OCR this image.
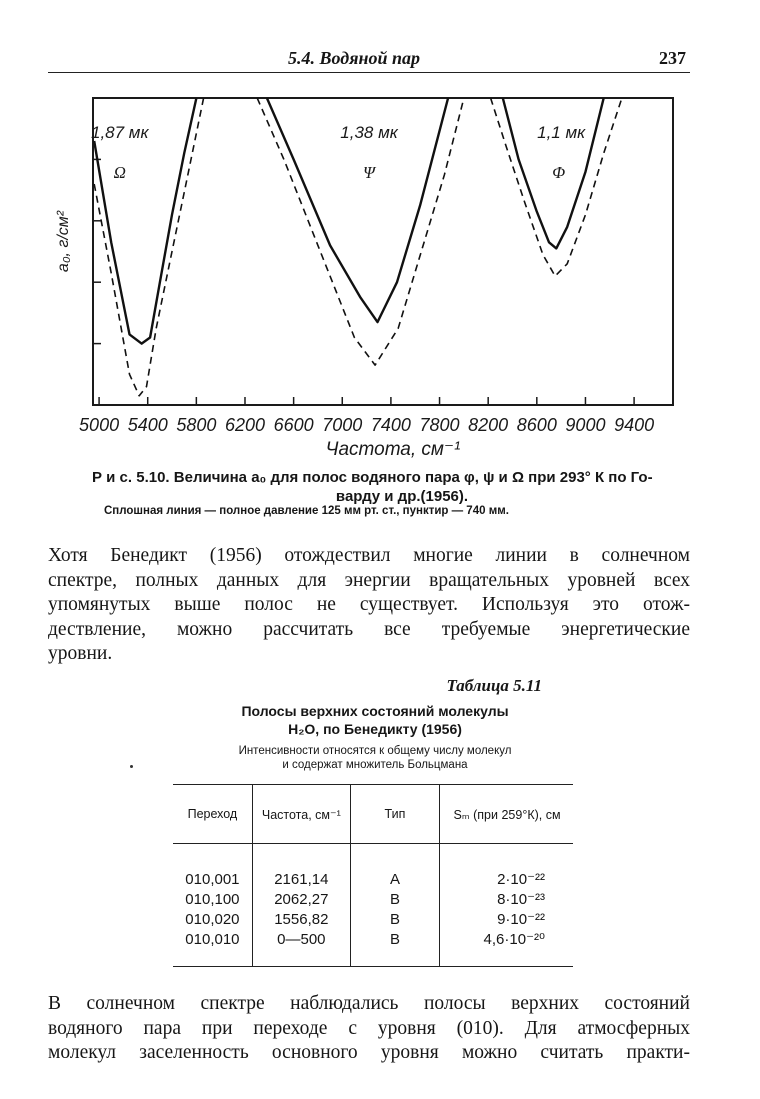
5.4. Водяной пар	237
5000 5400 5800 6200 6600 7000 7400 7800 8200 8600 9000 9400
Частота, см⁻¹
a₀, г/см²
1,87 мк
Ω
1,38 мк
Ψ
1,1 мк
Φ
Р и с. 5.10. Величина a₀ для полос водяного пара φ, ψ и Ω при 293° К по Го-
варду и др.(1956).
Сплошная линия — полное давление 125 мм рт. ст., пунктир — 740 мм.
Хотя Бенедикт (1956) отождествил многие линии в солнечном
спектре, полных данных для энергии вращательных уровней всех
упомянутых выше полос не существует. Используя это отож-
дествление, можно рассчитать все требуемые энергетические
уровни.
Таблица 5.11
Полосы верхних состояний молекулы
H₂O, по Бенедикту (1956)
Интенсивности относятся к общему числу молекул
и содержат множитель Больцмана
Переход	Частота, см⁻¹	Тип	Sₘ (при 259°К), см
010,001	2161,14	A	2·10⁻²²
010,100	2062,27	B	8·10⁻²³
010,020	1556,82	B	9·10⁻²²
010,010	0—500	B	4,6·10⁻²⁰
В солнечном спектре наблюдались полосы верхних состояний
водяного пара при переходе с уровня (010). Для атмосферных
молекул заселенность основного уровня можно считать практи-
